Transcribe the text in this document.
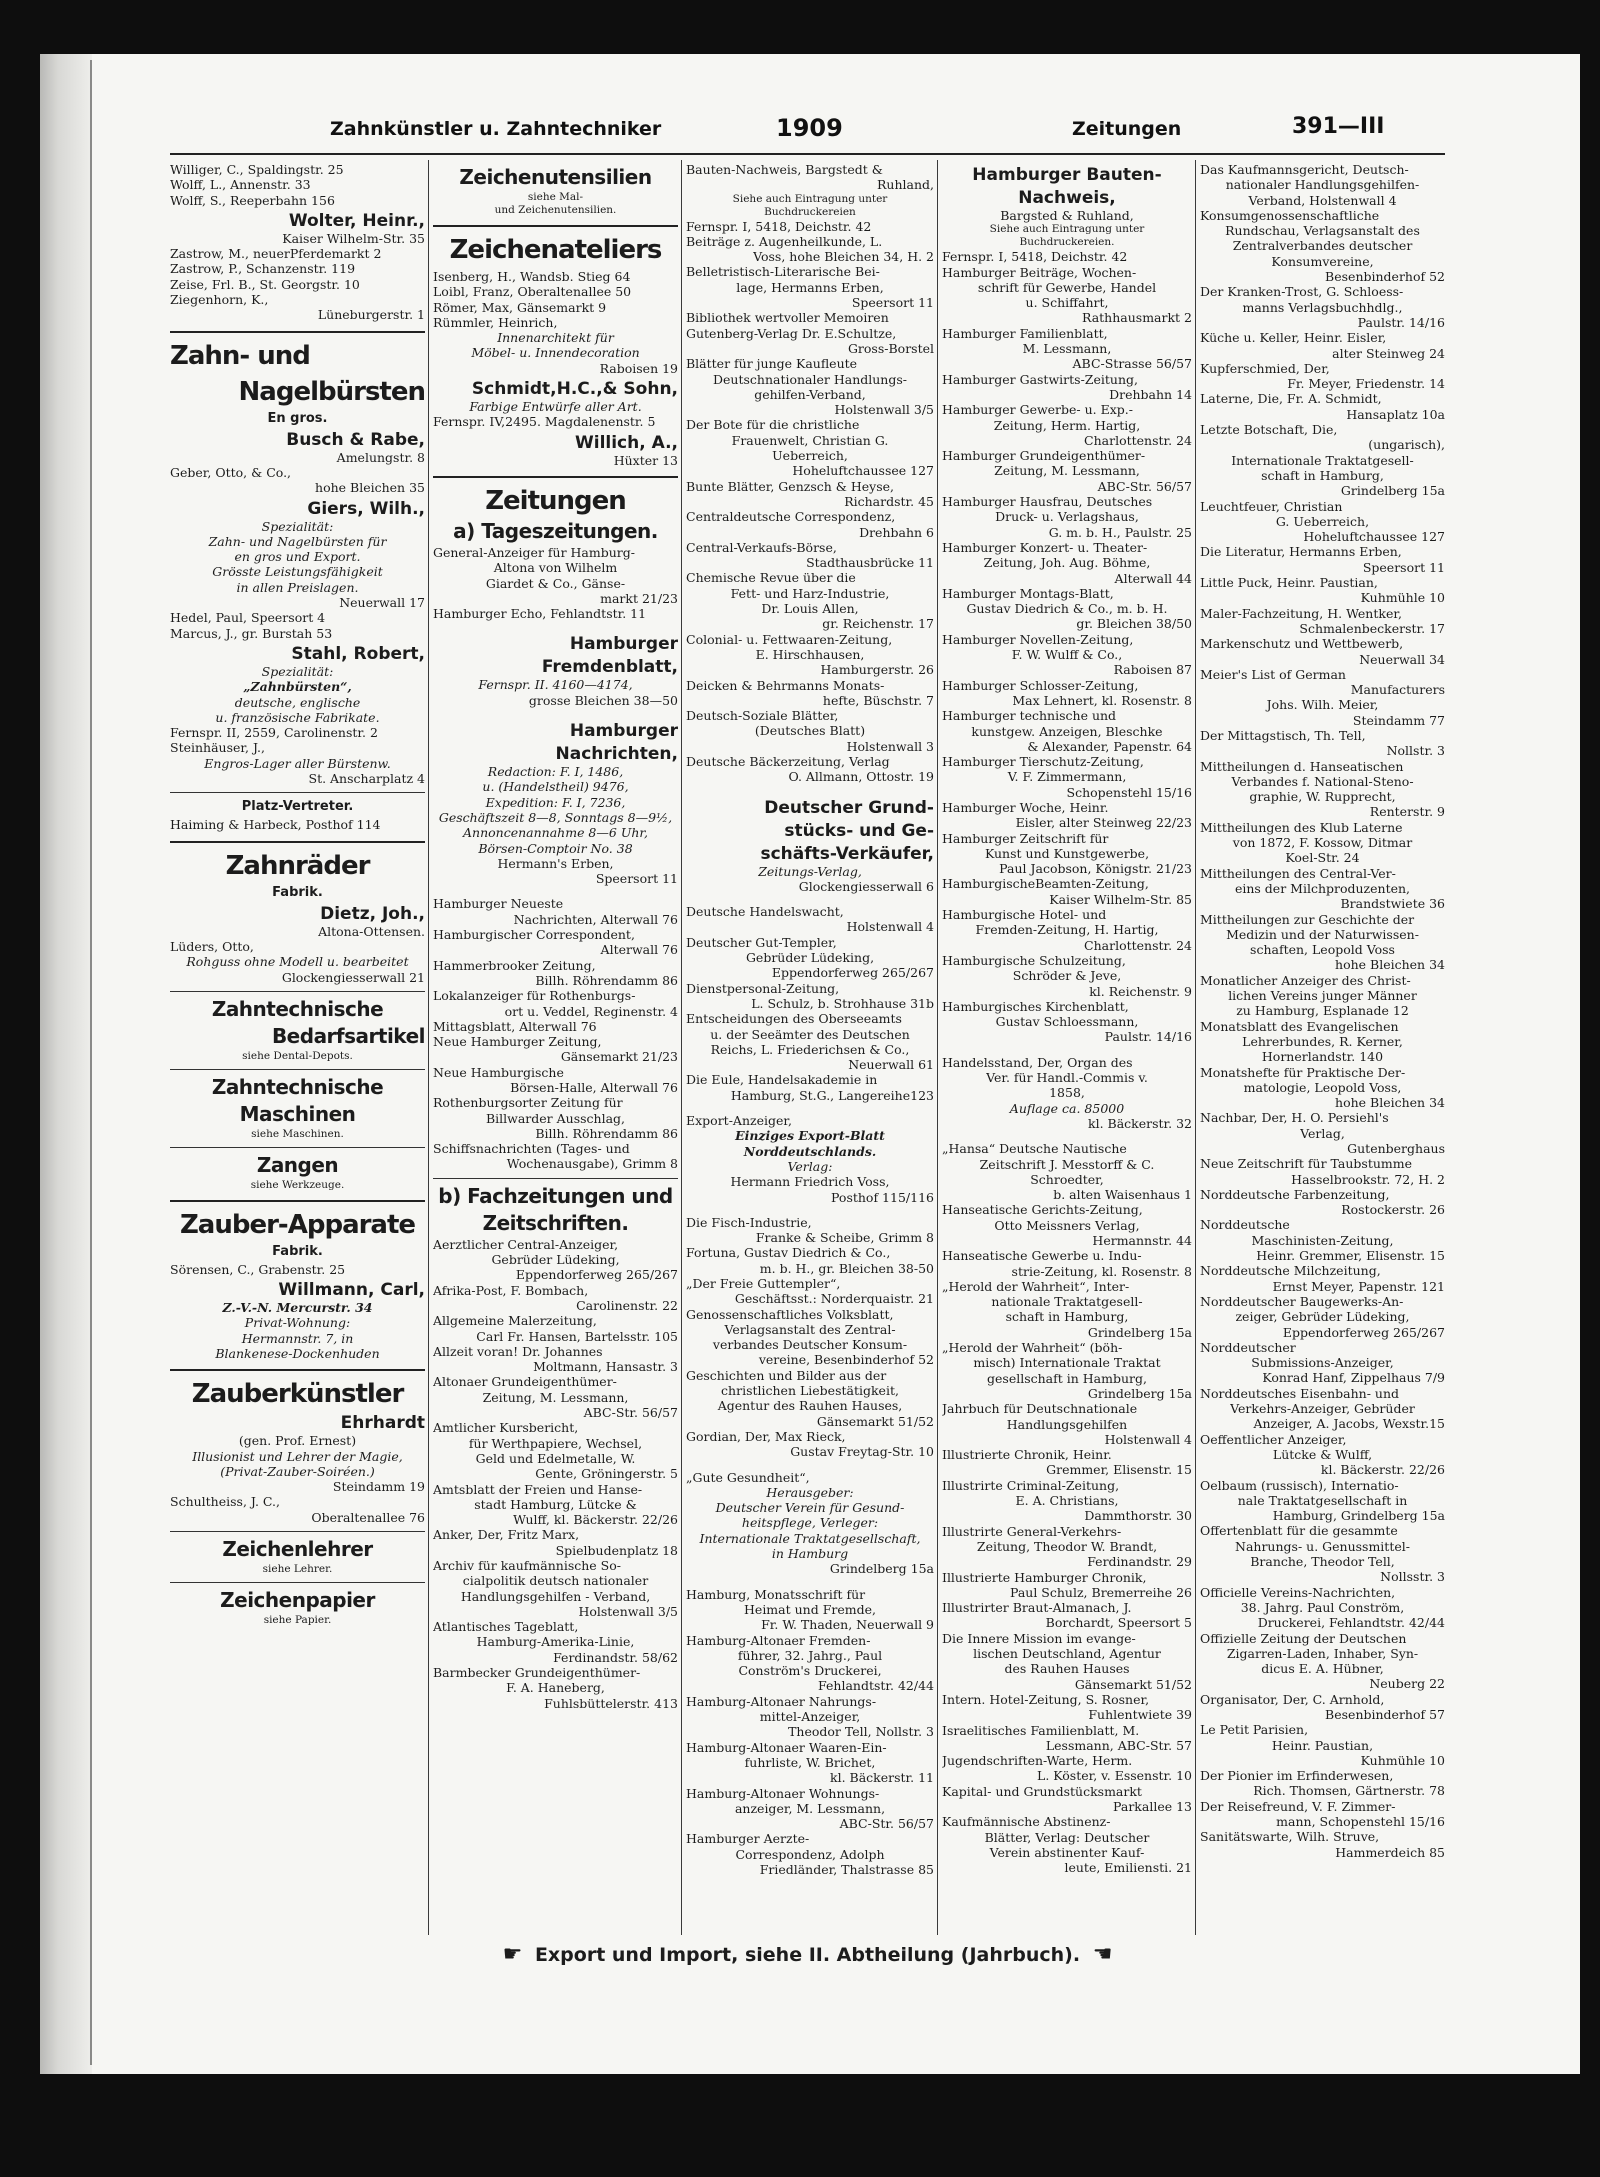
Zahnkünstler u. Zahntechniker	1909	Zeitungen	391—III

Williger, C., Spaldingstr. 25

Wolff, L., Annenstr. 33

Wolff, S., Reeperbahn 156

Wolter, Heinr.,

Kaiser Wilhelm-Str. 35

Zastrow, M., neuerPferdemarkt 2

Zastrow, P., Schanzenstr. 119

Zeise, Frl. B., St. Georgstr. 10

Ziegenhorn, K.,

Lüneburgerstr. 1

Zahn- und
Nagelbürsten
En gros.
Busch & Rabe,

Amelungstr. 8

Geber, Otto, & Co.,

hohe Bleichen 35

Giers, Wilh.,

Spezialität:

Zahn- und Nagelbürsten für

en gros und Export.

Grösste Leistungsfähigkeit

in allen Preislagen.

Neuerwall 17

Hedel, Paul, Speersort 4

Marcus, J., gr. Burstah 53

Stahl, Robert,

Spezialität:

„Zahnbürsten“,

deutsche, englische

u. französische Fabrikate.

Fernspr. II, 2559, Carolinenstr. 2

Steinhäuser, J.,

Engros-Lager aller Bürstenw.

St. Anscharplatz 4

Platz-Vertreter.

Haiming & Harbeck, Posthof 114

Zahnräder
Fabrik.
Dietz, Joh.,

Altona-Ottensen.

Lüders, Otto,

Rohguss ohne Modell u. bearbeitet

Glockengiesserwall 21

Zahntechnische
Bedarfsartikel
siehe Dental-Depots.
Zahntechnische
Maschinen
siehe Maschinen.
Zangen
siehe Werkzeuge.
Zauber-Apparate
Fabrik.

Sörensen, C., Grabenstr. 25

Willmann, Carl,

Z.-V.-N. Mercurstr. 34

Privat-Wohnung:

Hermannstr. 7, in

Blankenese-Dockenhuden

Zauberkünstler
Ehrhardt

(gen. Prof. Ernest)

Illusionist und Lehrer der Magie,

(Privat-Zauber-Soiréen.)

Steindamm 19

Schultheiss, J. C.,

Oberaltenallee 76

Zeichenlehrer
siehe Lehrer.
Zeichenpapier
siehe Papier.
Zeichenutensilien
siehe Mal-
und Zeichenutensilien.
Zeichenateliers

Isenberg, H., Wandsb. Stieg 64

Loibl, Franz, Oberaltenallee 50

Römer, Max, Gänsemarkt 9

Rümmler, Heinrich,

Innenarchitekt für

Möbel- u. Innendecoration

Raboisen 19

Schmidt,H.C.,& Sohn,

Farbige Entwürfe aller Art.

Fernspr. IV,2495. Magdalenenstr. 5

Willich, A.,

Hüxter 13

Zeitungen
a) Tageszeitungen.

General-Anzeiger für Hamburg-

Altona von Wilhelm

Giardet & Co., Gänse-

markt 21/23

Hamburger Echo, Fehlandtstr. 11

Hamburger
Fremdenblatt,

Fernspr. II. 4160—4174,

grosse Bleichen 38—50

Hamburger
Nachrichten,

Redaction: F. I, 1486,

u. (Handelstheil) 9476,

Expedition: F. I, 7236,

Geschäftszeit 8—8, Sonntags 8—9½,

Annoncenannahme 8—6 Uhr,

Börsen-Comptoir No. 38

Hermann's Erben,

Speersort 11

Hamburger Neueste

Nachrichten, Alterwall 76

Hamburgischer Correspondent,

Alterwall 76

Hammerbrooker Zeitung,

Billh. Röhrendamm 86

Lokalanzeiger für Rothenburgs-

ort u. Veddel, Reginenstr. 4

Mittagsblatt, Alterwall 76

Neue Hamburger Zeitung,

Gänsemarkt 21/23

Neue Hamburgische

Börsen-Halle, Alterwall 76

Rothenburgsorter Zeitung für

Billwarder Ausschlag,

Billh. Röhrendamm 86

Schiffsnachrichten (Tages- und

Wochenausgabe), Grimm 8

b) Fachzeitungen und
Zeitschriften.

Aerztlicher Central-Anzeiger,

Gebrüder Lüdeking,

Eppendorferweg 265/267

Afrika-Post, F. Bombach,

Carolinenstr. 22

Allgemeine Malerzeitung,

Carl Fr. Hansen, Bartelsstr. 105

Allzeit voran! Dr. Johannes

Moltmann, Hansastr. 3

Altonaer Grundeigenthümer-

Zeitung, M. Lessmann,

ABC-Str. 56/57

Amtlicher Kursbericht,

für Werthpapiere, Wechsel,

Geld und Edelmetalle, W.

Gente, Gröningerstr. 5

Amtsblatt der Freien und Hanse-

stadt Hamburg, Lütcke &

Wulff, kl. Bäckerstr. 22/26

Anker, Der, Fritz Marx,

Spielbudenplatz 18

Archiv für kaufmännische So-

cialpolitik deutsch nationaler

Handlungsgehilfen - Verband,

Holstenwall 3/5

Atlantisches Tageblatt,

Hamburg-Amerika-Linie,

Ferdinandstr. 58/62

Barmbecker Grundeigenthümer-

F. A. Haneberg,

Fuhlsbüttelerstr. 413

Bauten-Nachweis, Bargstedt &

Ruhland,

Siehe auch Eintragung unter
Buchdruckereien

Fernspr. I, 5418, Deichstr. 42

Beiträge z. Augenheilkunde, L.

Voss, hohe Bleichen 34, H. 2

Belletristisch-Literarische Bei-

lage, Hermanns Erben,

Speersort 11

Bibliothek wertvoller Memoiren

Gutenberg-Verlag Dr. E.Schultze,

Gross-Borstel

Blätter für junge Kaufleute

Deutschnationaler Handlungs-

gehilfen-Verband,

Holstenwall 3/5

Der Bote für die christliche

Frauenwelt, Christian G.

Ueberreich,

Hoheluftchaussee 127

Bunte Blätter, Genzsch & Heyse,

Richardstr. 45

Centraldeutsche Correspondenz,

Drehbahn 6

Central-Verkaufs-Börse,

Stadthausbrücke 11

Chemische Revue über die

Fett- und Harz-Industrie,

Dr. Louis Allen,

gr. Reichenstr. 17

Colonial- u. Fettwaaren-Zeitung,

E. Hirschhausen,

Hamburgerstr. 26

Deicken & Behrmanns Monats-

hefte, Büschstr. 7

Deutsch-Soziale Blätter,

(Deutsches Blatt)

Holstenwall 3

Deutsche Bäckerzeitung, Verlag

O. Allmann, Ottostr. 19

Deutscher Grund-
stücks- und Ge-
schäfts-Verkäufer,

Zeitungs-Verlag,

Glockengiesserwall 6

Deutsche Handelswacht,

Holstenwall 4

Deutscher Gut-Templer,

Gebrüder Lüdeking,

Eppendorferweg 265/267

Dienstpersonal-Zeitung,

L. Schulz, b. Strohhause 31b

Entscheidungen des Oberseeamts

u. der Seeämter des Deutschen

Reichs, L. Friederichsen & Co.,

Neuerwall 61

Die Eule, Handelsakademie in

Hamburg, St.G., Langereihe123

Export-Anzeiger,

Einziges Export-Blatt

Norddeutschlands.

Verlag:

Hermann Friedrich Voss,

Posthof 115/116

Die Fisch-Industrie,

Franke & Scheibe, Grimm 8

Fortuna, Gustav Diedrich & Co.,

m. b. H., gr. Bleichen 38-50

„Der Freie Guttempler“,

Geschäftsst.: Norderquaistr. 21

Genossenschaftliches Volksblatt,

Verlagsanstalt des Zentral-

verbandes Deutscher Konsum-

vereine, Besenbinderhof 52

Geschichten und Bilder aus der

christlichen Liebestätigkeit,

Agentur des Rauhen Hauses,

Gänsemarkt 51/52

Gordian, Der, Max Rieck,

Gustav Freytag-Str. 10

„Gute Gesundheit“,

Herausgeber:

Deutscher Verein für Gesund-

heitspflege, Verleger:

Internationale Traktatgesellschaft,

in Hamburg

Grindelberg 15a

Hamburg, Monatsschrift für

Heimat und Fremde,

Fr. W. Thaden, Neuerwall 9

Hamburg-Altonaer Fremden-

führer, 32. Jahrg., Paul

Conström's Druckerei,

Fehlandtstr. 42/44

Hamburg-Altonaer Nahrungs-

mittel-Anzeiger,

Theodor Tell, Nollstr. 3

Hamburg-Altonaer Waaren-Ein-

fuhrliste, W. Brichet,

kl. Bäckerstr. 11

Hamburg-Altonaer Wohnungs-

anzeiger, M. Lessmann,

ABC-Str. 56/57

Hamburger Aerzte-

Correspondenz, Adolph

Friedländer, Thalstrasse 85

Hamburger Bauten-
Nachweis,

Bargsted & Ruhland,

Siehe auch Eintragung unter
Buchdruckereien.

Fernspr. I, 5418, Deichstr. 42

Hamburger Beiträge, Wochen-

schrift für Gewerbe, Handel

u. Schiffahrt,

Rathhausmarkt 2

Hamburger Familienblatt,

M. Lessmann,

ABC-Strasse 56/57

Hamburger Gastwirts-Zeitung,

Drehbahn 14

Hamburger Gewerbe- u. Exp.-

Zeitung, Herm. Hartig,

Charlottenstr. 24

Hamburger Grundeigenthümer-

Zeitung, M. Lessmann,

ABC-Str. 56/57

Hamburger Hausfrau, Deutsches

Druck- u. Verlagshaus,

G. m. b. H., Paulstr. 25

Hamburger Konzert- u. Theater-

Zeitung, Joh. Aug. Böhme,

Alterwall 44

Hamburger Montags-Blatt,

Gustav Diedrich & Co., m. b. H.

gr. Bleichen 38/50

Hamburger Novellen-Zeitung,

F. W. Wulff & Co.,

Raboisen 87

Hamburger Schlosser-Zeitung,

Max Lehnert, kl. Rosenstr. 8

Hamburger technische und

kunstgew. Anzeigen, Bleschke

& Alexander, Papenstr. 64

Hamburger Tierschutz-Zeitung,

V. F. Zimmermann,

Schopenstehl 15/16

Hamburger Woche, Heinr.

Eisler, alter Steinweg 22/23

Hamburger Zeitschrift für

Kunst und Kunstgewerbe,

Paul Jacobson, Königstr. 21/23

HamburgischeBeamten-Zeitung,

Kaiser Wilhelm-Str. 85

Hamburgische Hotel- und

Fremden-Zeitung, H. Hartig,

Charlottenstr. 24

Hamburgische Schulzeitung,

Schröder & Jeve,

kl. Reichenstr. 9

Hamburgisches Kirchenblatt,

Gustav Schloessmann,

Paulstr. 14/16

Handelsstand, Der, Organ des

Ver. für Handl.-Commis v.

1858,

Auflage ca. 85000

kl. Bäckerstr. 32

„Hansa“ Deutsche Nautische

Zeitschrift J. Messtorff & C.

Schroedter,

b. alten Waisenhaus 1

Hanseatische Gerichts-Zeitung,

Otto Meissners Verlag,

Hermannstr. 44

Hanseatische Gewerbe u. Indu-

strie-Zeitung, kl. Rosenstr. 8

„Herold der Wahrheit“, Inter-

nationale Traktatgesell-

schaft in Hamburg,

Grindelberg 15a

„Herold der Wahrheit“ (böh-

misch) Internationale Traktat

gesellschaft in Hamburg,

Grindelberg 15a

Jahrbuch für Deutschnationale

Handlungsgehilfen

Holstenwall 4

Illustrierte Chronik, Heinr.

Gremmer, Elisenstr. 15

Illustrirte Criminal-Zeitung,

E. A. Christians,

Dammthorstr. 30

Illustrirte General-Verkehrs-

Zeitung, Theodor W. Brandt,

Ferdinandstr. 29

Illustrierte Hamburger Chronik,

Paul Schulz, Bremerreihe 26

Illustrirter Braut-Almanach, J.

Borchardt, Speersort 5

Die Innere Mission im evange-

lischen Deutschland, Agentur

des Rauhen Hauses

Gänsemarkt 51/52

Intern. Hotel-Zeitung, S. Rosner,

Fuhlentwiete 39

Israelitisches Familienblatt, M.

Lessmann, ABC-Str. 57

Jugendschriften-Warte, Herm.

L. Köster, v. Essenstr. 10

Kapital- und Grundstücksmarkt

Parkallee 13

Kaufmännische Abstinenz-

Blätter, Verlag: Deutscher

Verein abstinenter Kauf-

leute, Emiliensti. 21

Das Kaufmannsgericht, Deutsch-

nationaler Handlungsgehilfen-

Verband, Holstenwall 4

Konsumgenossenschaftliche

Rundschau, Verlagsanstalt des

Zentralverbandes deutscher

Konsumvereine,

Besenbinderhof 52

Der Kranken-Trost, G. Schloess-

manns Verlagsbuchhdlg.,

Paulstr. 14/16

Küche u. Keller, Heinr. Eisler,

alter Steinweg 24

Kupferschmied, Der,

Fr. Meyer, Friedenstr. 14

Laterne, Die, Fr. A. Schmidt,

Hansaplatz 10a

Letzte Botschaft, Die,

(ungarisch),

Internationale Traktatgesell-

schaft in Hamburg,

Grindelberg 15a

Leuchtfeuer, Christian

G. Ueberreich,

Hoheluftchaussee 127

Die Literatur, Hermanns Erben,

Speersort 11

Little Puck, Heinr. Paustian,

Kuhmühle 10

Maler-Fachzeitung, H. Wentker,

Schmalenbeckerstr. 17

Markenschutz und Wettbewerb,

Neuerwall 34

Meier's List of German

Manufacturers

Johs. Wilh. Meier,

Steindamm 77

Der Mittagstisch, Th. Tell,

Nollstr. 3

Mittheilungen d. Hanseatischen

Verbandes f. National-Steno-

graphie, W. Rupprecht,

Renterstr. 9

Mittheilungen des Klub Laterne

von 1872, F. Kossow, Ditmar

Koel-Str. 24

Mittheilungen des Central-Ver-

eins der Milchproduzenten,

Brandstwiete 36

Mittheilungen zur Geschichte der

Medizin und der Naturwissen-

schaften, Leopold Voss

hohe Bleichen 34

Monatlicher Anzeiger des Christ-

lichen Vereins junger Männer

zu Hamburg, Esplanade 12

Monatsblatt des Evangelischen

Lehrerbundes, R. Kerner,

Hornerlandstr. 140

Monatshefte für Praktische Der-

matologie, Leopold Voss,

hohe Bleichen 34

Nachbar, Der, H. O. Persiehl's

Verlag,

Gutenberghaus

Neue Zeitschrift für Taubstumme

Hasselbrookstr. 72, H. 2

Norddeutsche Farbenzeitung,

Rostockerstr. 26

Norddeutsche

Maschinisten-Zeitung,

Heinr. Gremmer, Elisenstr. 15

Norddeutsche Milchzeitung,

Ernst Meyer, Papenstr. 121

Norddeutscher Baugewerks-An-

zeiger, Gebrüder Lüdeking,

Eppendorferweg 265/267

Norddeutscher

Submissions-Anzeiger,

Konrad Hanf, Zippelhaus 7/9

Norddeutsches Eisenbahn- und

Verkehrs-Anzeiger, Gebrüder

Anzeiger, A. Jacobs, Wexstr.15

Oeffentlicher Anzeiger,

Lütcke & Wulff,

kl. Bäckerstr. 22/26

Oelbaum (russisch), Internatio-

nale Traktatgesellschaft in

Hamburg, Grindelberg 15a

Offertenblatt für die gesammte

Nahrungs- u. Genussmittel-

Branche, Theodor Tell,

Nollsstr. 3

Officielle Vereins-Nachrichten,

38. Jahrg. Paul Conström,

Druckerei, Fehlandtstr. 42/44

Offizielle Zeitung der Deutschen

Zigarren-Laden, Inhaber, Syn-

dicus E. A. Hübner,

Neuberg 22

Organisator, Der, C. Arnhold,

Besenbinderhof 57

Le Petit Parisien,

Heinr. Paustian,

Kuhmühle 10

Der Pionier im Erfinderwesen,

Rich. Thomsen, Gärtnerstr. 78

Der Reisefreund, V. F. Zimmer-

mann, Schopenstehl 15/16

Sanitätswarte, Wilh. Struve,

Hammerdeich 85

☛ Export und Import, siehe II. Abtheilung (Jahrbuch). ☚
